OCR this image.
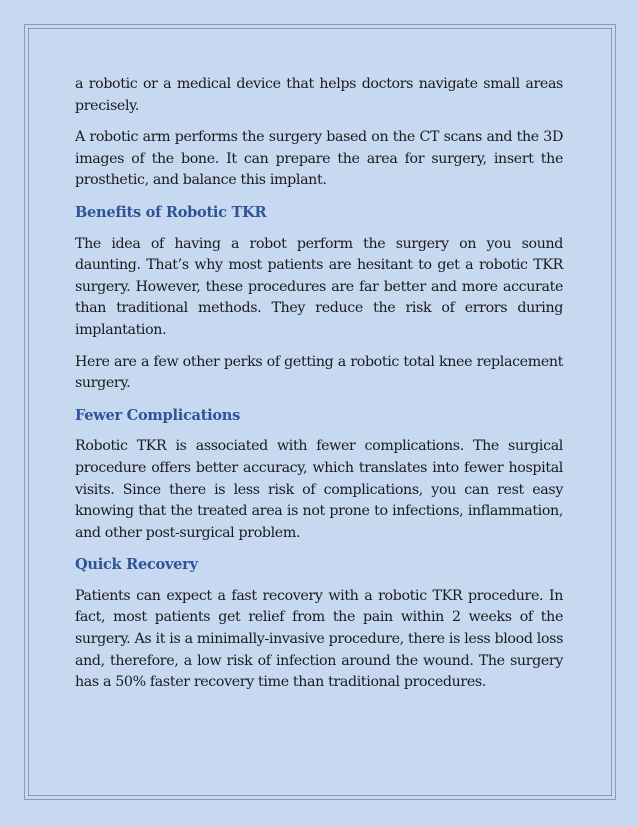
a robotic or a medical device that helps doctors navigate small areas precisely.

A robotic arm performs the surgery based on the CT scans and the 3D images of the bone. It can prepare the area for surgery, insert the prosthetic, and balance this implant.

Benefits of Robotic TKR

The idea of having a robot perform the surgery on you sound daunting. That’s why most patients are hesitant to get a robotic TKR surgery. However, these procedures are far better and more accurate than traditional methods. They reduce the risk of errors during implantation.

Here are a few other perks of getting a robotic total knee replacement surgery.

Fewer Complications

Robotic TKR is associated with fewer complications. The surgical procedure offers better accuracy, which translates into fewer hospital visits. Since there is less risk of complications, you can rest easy knowing that the treated area is not prone to infections, inflammation, and other post-surgical problem.

Quick Recovery

Patients can expect a fast recovery with a robotic TKR procedure. In fact, most patients get relief from the pain within 2 weeks of the surgery. As it is a minimally-invasive procedure, there is less blood loss and, therefore, a low risk of infection around the wound. The surgery has a 50% faster recovery time than traditional procedures.
